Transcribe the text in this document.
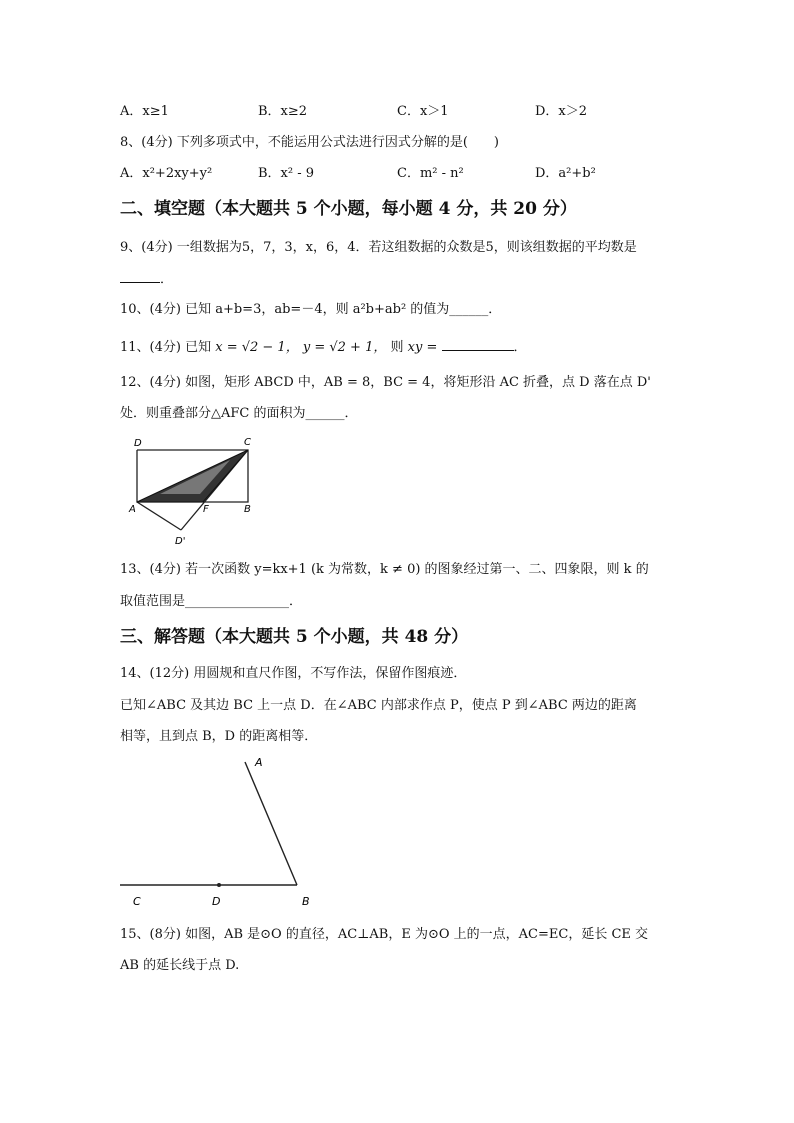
A．x≥1	B．x≥2	C．x＞1	D．x＞2
8、(4分) 下列多项式中，不能运用公式法进行因式分解的是(　　)
A．x²+2xy+y²	B．x² - 9	C．m² - n²	D．a²+b²
二、填空题（本大题共 5 个小题，每小题 4 分，共 20 分）
9、(4分) 一组数据为5，7，3，x，6，4．若这组数据的众数是5，则该组数据的平均数是
．
10、(4分) 已知 a+b=3，ab=－4，则 a²b+ab² 的值为______．
11、(4分) 已知 x = √2 − 1， y = √2 + 1， 则 xy =	．
12、(4分) 如图，矩形 ABCD 中，AB = 8，BC = 4，将矩形沿 AC 折叠，点 D 落在点 D'
处．则重叠部分△AFC 的面积为______．
D	C
A	F	B
D'
13、(4分) 若一次函数 y=kx+1 (k 为常数，k ≠ 0) 的图象经过第一、二、四象限，则 k 的
取值范围是________________．
三、解答题（本大题共 5 个小题，共 48 分）
14、(12分) 用圆规和直尺作图，不写作法，保留作图痕迹．
已知∠ABC 及其边 BC 上一点 D．在∠ABC 内部求作点 P，使点 P 到∠ABC 两边的距离
相等，且到点 B，D 的距离相等．
A
C	D	B
15、(8分) 如图，AB 是⊙O 的直径，AC⊥AB，E 为⊙O 上的一点，AC=EC，延长 CE 交
AB 的延长线于点 D.
